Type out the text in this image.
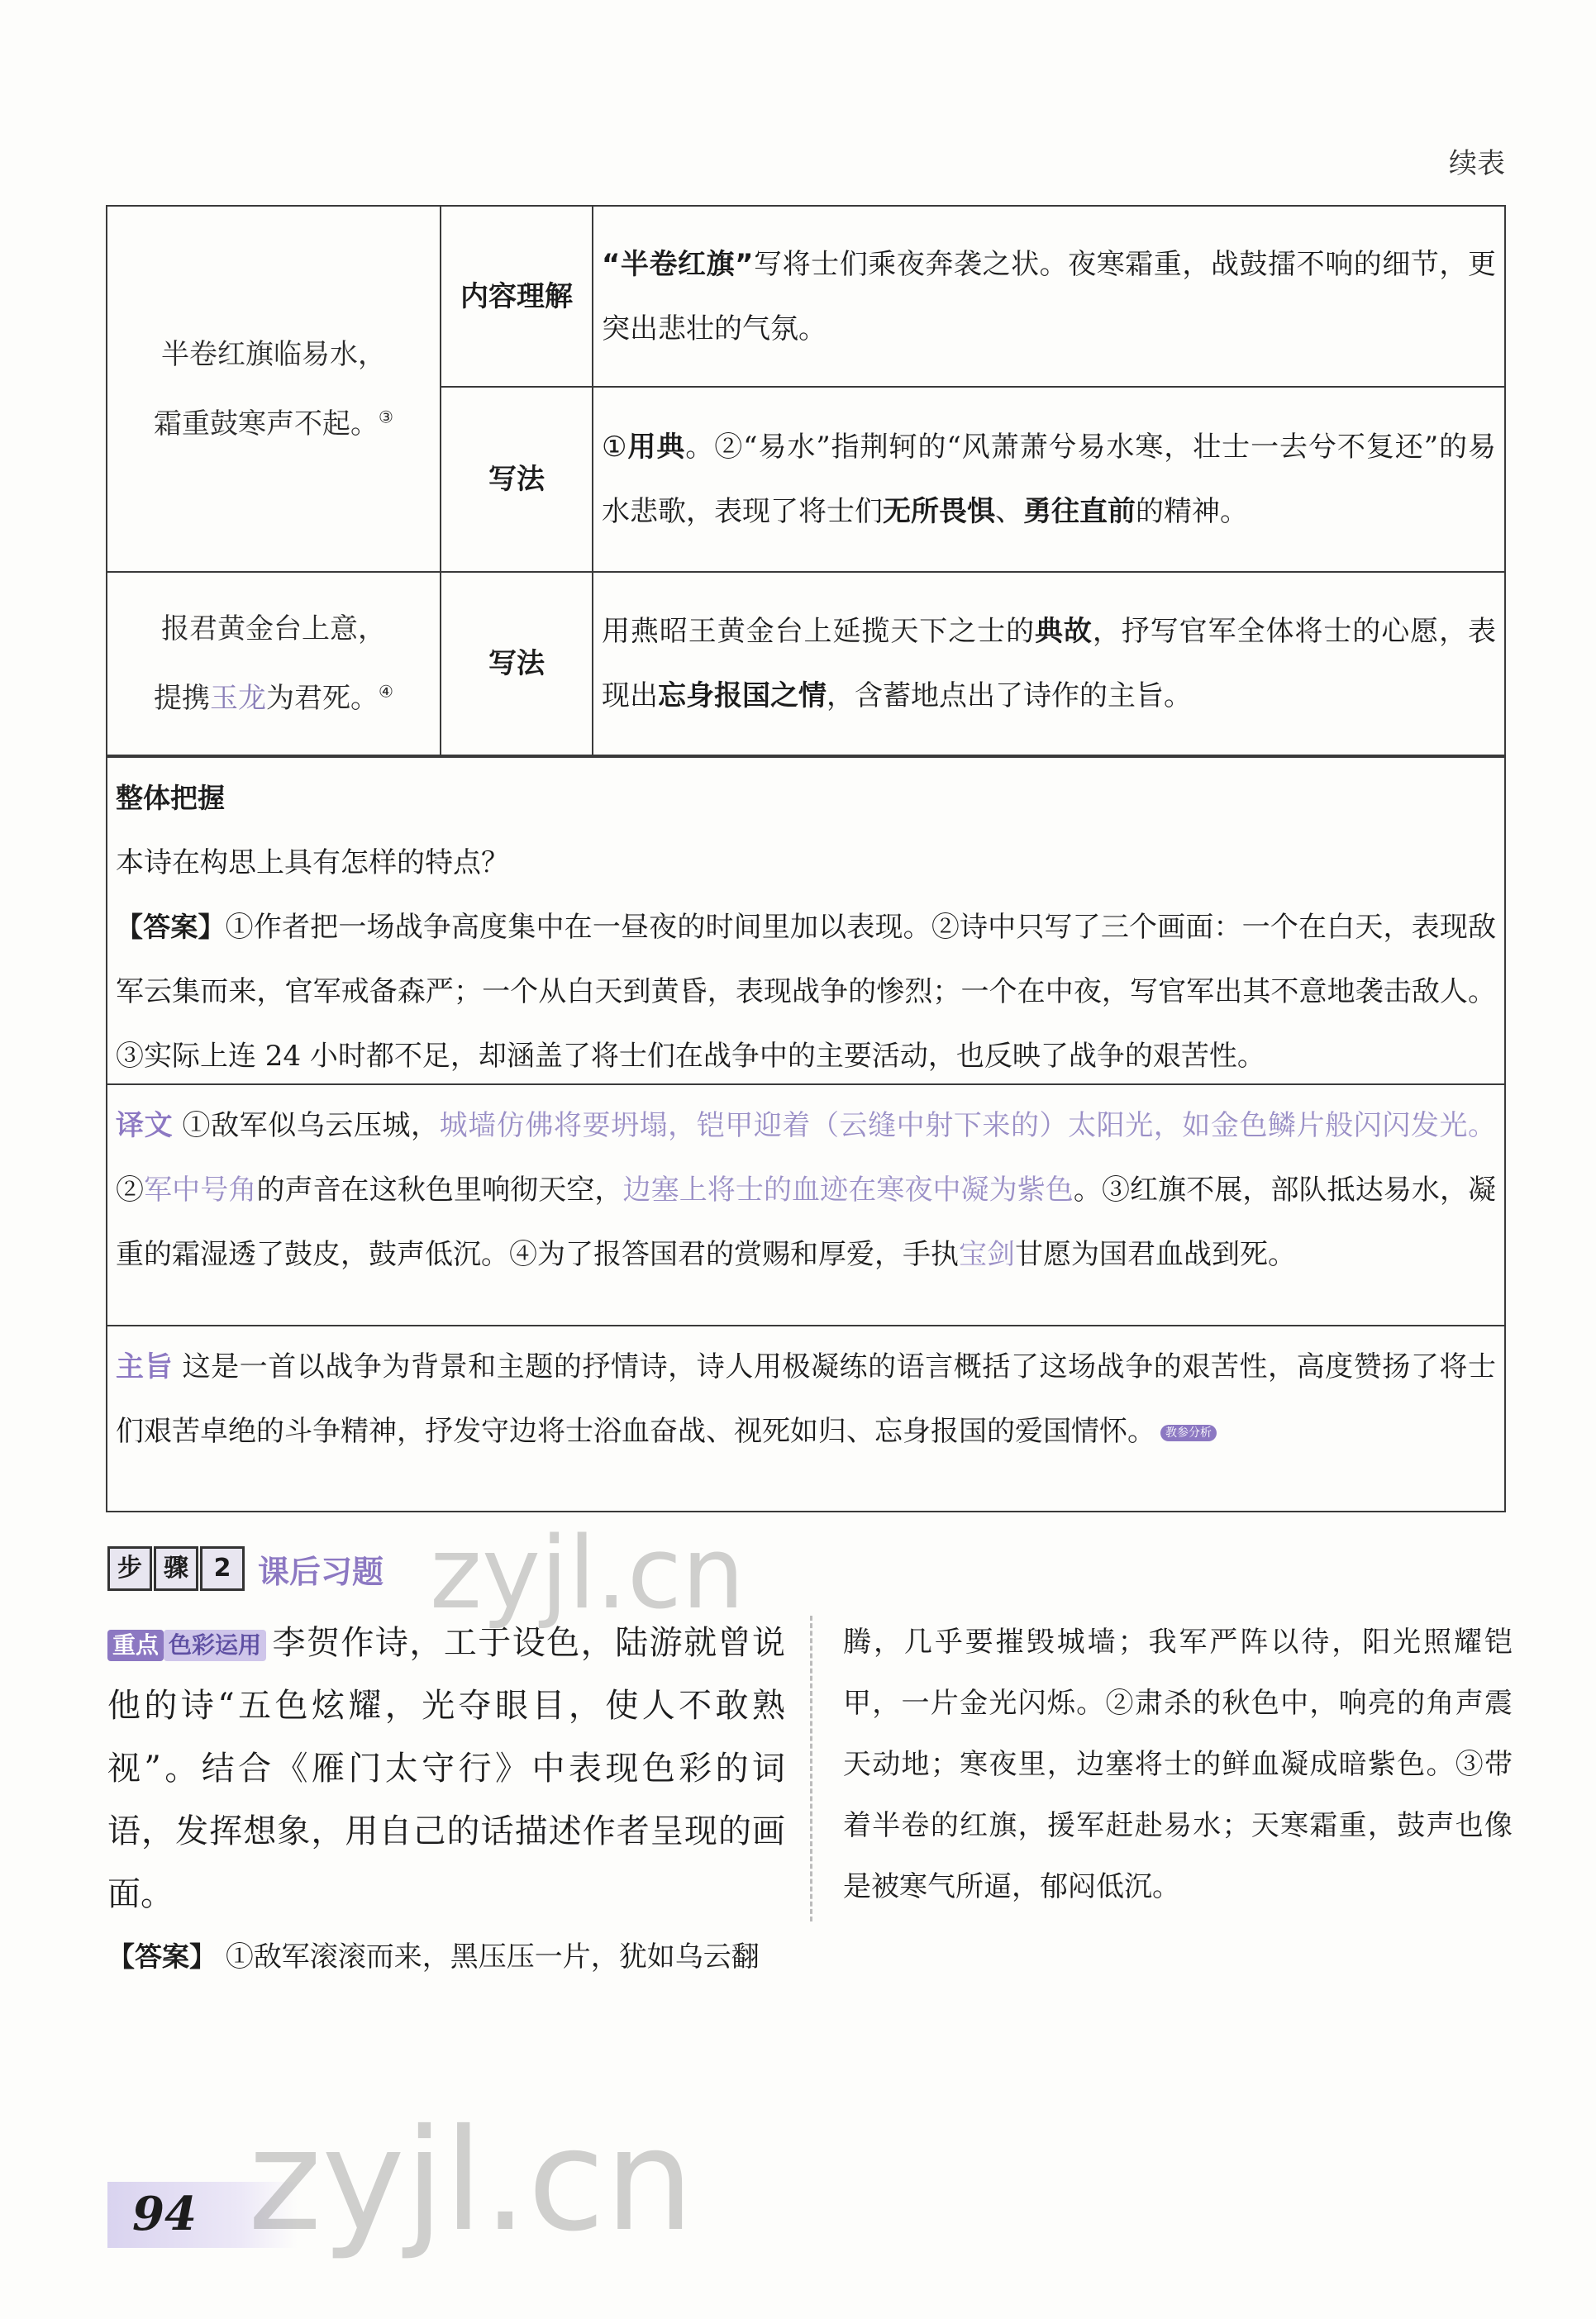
续表
半卷红旗临易水，
霜重鼓寒声不起。③	内容理解	“半卷红旗”写将士们乘夜奔袭之状。夜寒霜重，战鼓擂不响的细节，更突出悲壮的气氛。
	写法	①用典。②“易水”指荆轲的“风萧萧兮易水寒，壮士一去兮不复还”的易水悲歌，表现了将士们无所畏惧、勇往直前的精神。

报君黄金台上意，
提携玉龙为君死。④	写法	用燕昭王黄金台上延揽天下之士的典故，抒写官军全体将士的心愿，表现出忘身报国之情，含蓄地点出了诗作的主旨。
整体把握
本诗在构思上具有怎样的特点？
【答案】①作者把一场战争高度集中在一昼夜的时间里加以表现。②诗中只写了三个画面：一个在白天，表现敌军云集而来，官军戒备森严；一个从白天到黄昏，表现战争的惨烈；一个在中夜，写官军出其不意地袭击敌人。③实际上连 24 小时都不足，却涵盖了将士们在战争中的主要活动，也反映了战争的艰苦性。
译文 ①敌军似乌云压城，城墙仿佛将要坍塌，铠甲迎着（云缝中射下来的）太阳光，如金色鳞片般闪闪发光。②军中号角的声音在这秋色里响彻天空，边塞上将士的血迹在寒夜中凝为紫色。③红旗不展，部队抵达易水，凝重的霜湿透了鼓皮，鼓声低沉。④为了报答国君的赏赐和厚爱，手执宝剑甘愿为国君血战到死。
主旨 这是一首以战争为背景和主题的抒情诗，诗人用极凝练的语言概括了这场战争的艰苦性，高度赞扬了将士们艰苦卓绝的斗争精神，抒发守边将士浴血奋战、视死如归、忘身报国的爱国情怀。 教参分析
步 骤	2 课后习题
重点 色彩运用 李贺作诗，工于设色，陆游就曾说他的诗“五色炫耀，光夺眼目，使人不敢熟视”。结合《雁门太守行》中表现色彩的词语，发挥想象，用自己的话描述作者呈现的画面。
【答案】 ①敌军滚滚而来，黑压压一片，犹如乌云翻
腾，几乎要摧毁城墙；我军严阵以待，阳光照耀铠甲，一片金光闪烁。②肃杀的秋色中，响亮的角声震天动地；寒夜里，边塞将士的鲜血凝成暗紫色。③带着半卷的红旗，援军赶赴易水；天寒霜重，鼓声也像是被寒气所逼，郁闷低沉。
94
zyjl.cn
zyjl.cn
